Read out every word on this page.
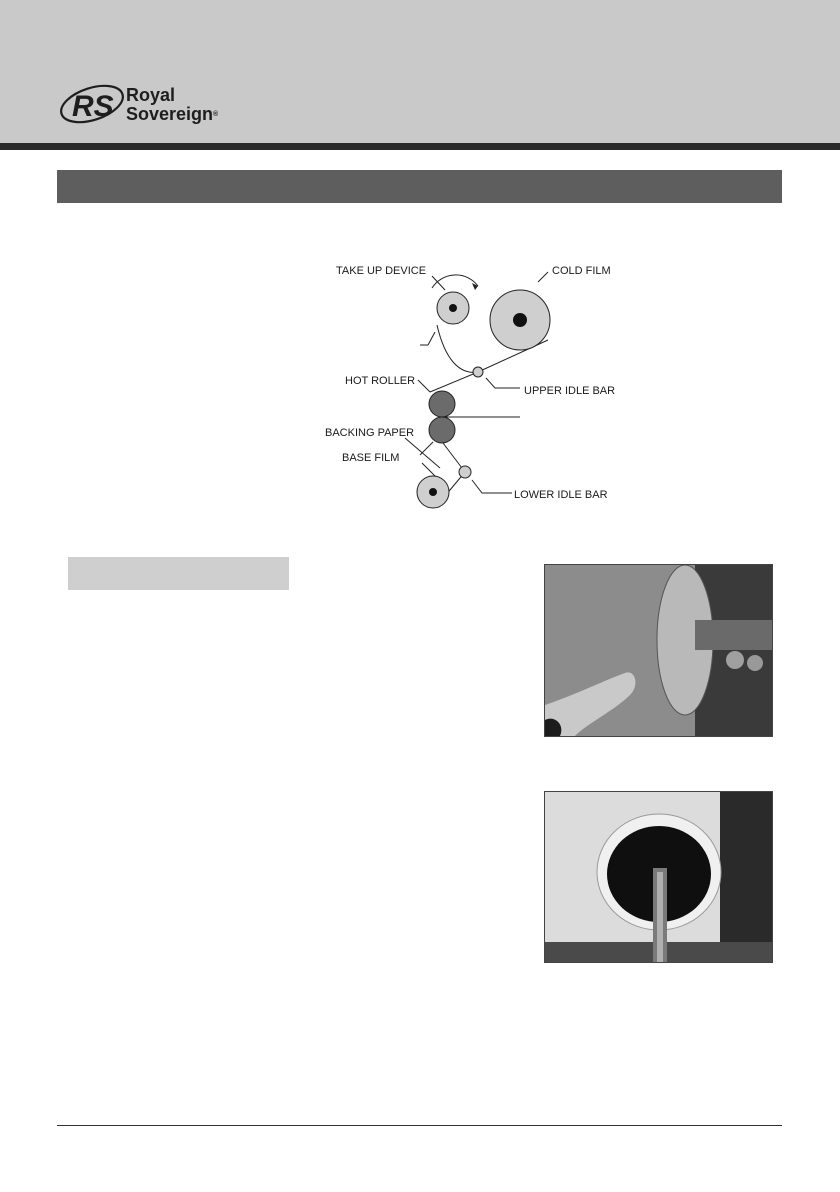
RS Royal
Sovereign®
TAKE UP DEVICE	COLD FILM
HOT ROLLER
UPPER IDLE BAR
BACKING PAPER
BASE FILM
LOWER IDLE BAR
